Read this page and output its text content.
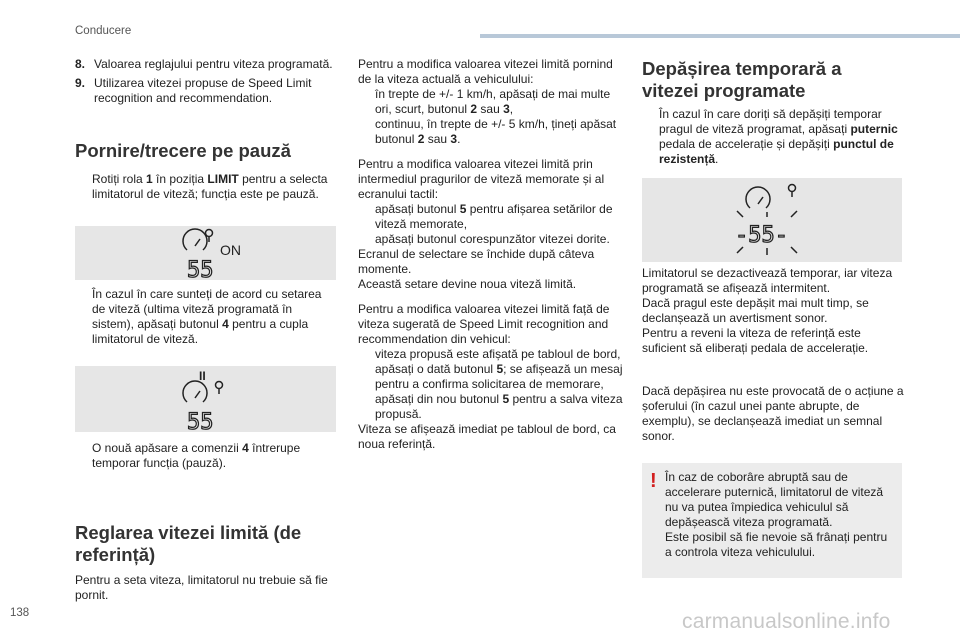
Conducere
8. Valoarea reglajului pentru viteza programată.
9. Utilizarea vitezei propuse de Speed Limit recognition and recommendation.
Pornire/trecere pe pauză
Rotiți rola 1 în poziția LIMIT pentru a selecta limitatorul de viteză; funcția este pe pauză.
ON
55
În cazul în care sunteți de acord cu setarea de viteză (ultima viteză programată în sistem), apăsați butonul 4 pentru a cupla limitatorul de viteză.
II
55
O nouă apăsare a comenzii 4 întrerupe temporar funcția (pauză).
Reglarea vitezei limită (de
referință)

Pentru a seta viteza, limitatorul nu trebuie să fie pornit.

Pentru a modifica valoarea vitezei limită pornind de la viteza actuală a vehiculului:

în trepte de +/- 1 km/h, apăsați de mai multe ori, scurt, butonul 2 sau 3,
continuu, în trepte de +/- 5 km/h, țineți apăsat butonul 2 sau 3.

Pentru a modifica valoarea vitezei limită prin intermediul pragurilor de viteză memorate și al ecranului tactil:

apăsați butonul 5 pentru afișarea setărilor de viteză memorate,
apăsați butonul corespunzător vitezei dorite.

Ecranul de selectare se închide după câteva momente.

Această setare devine noua viteză limită.

Pentru a modifica valoarea vitezei limită față de viteza sugerată de Speed Limit recognition and recommendation din vehicul:

viteza propusă este afișată pe tabloul de bord,
apăsați o dată butonul 5; se afișează un mesaj pentru a confirma solicitarea de memorare,
apăsați din nou butonul 5 pentru a salva viteza propusă.

Viteza se afișează imediat pe tabloul de bord, ca noua referință.

Depășirea temporară a
vitezei programate
În cazul în care doriți să depășiți temporar pragul de viteză programat, apăsați puternic pedala de accelerație și depășiți punctul de rezistență.
-55-

Limitatorul se dezactivează temporar, iar viteza programată se afișează intermitent.

Dacă pragul este depășit mai mult timp, se declanșează un avertisment sonor.

Pentru a reveni la viteza de referință este suficient să eliberați pedala de accelerație.

Dacă depășirea nu este provocată de o acțiune a șoferului (în cazul unei pante abrupte, de exemplu), se declanșează imediat un semnal sonor.

! În caz de coborâre abruptă sau de accelerare puternică, limitatorul de viteză nu va putea împiedica vehiculul să depășească viteza programată.

Este posibil să fie nevoie să frânați pentru a controla viteza vehiculului.

138	carmanualsonline.info
